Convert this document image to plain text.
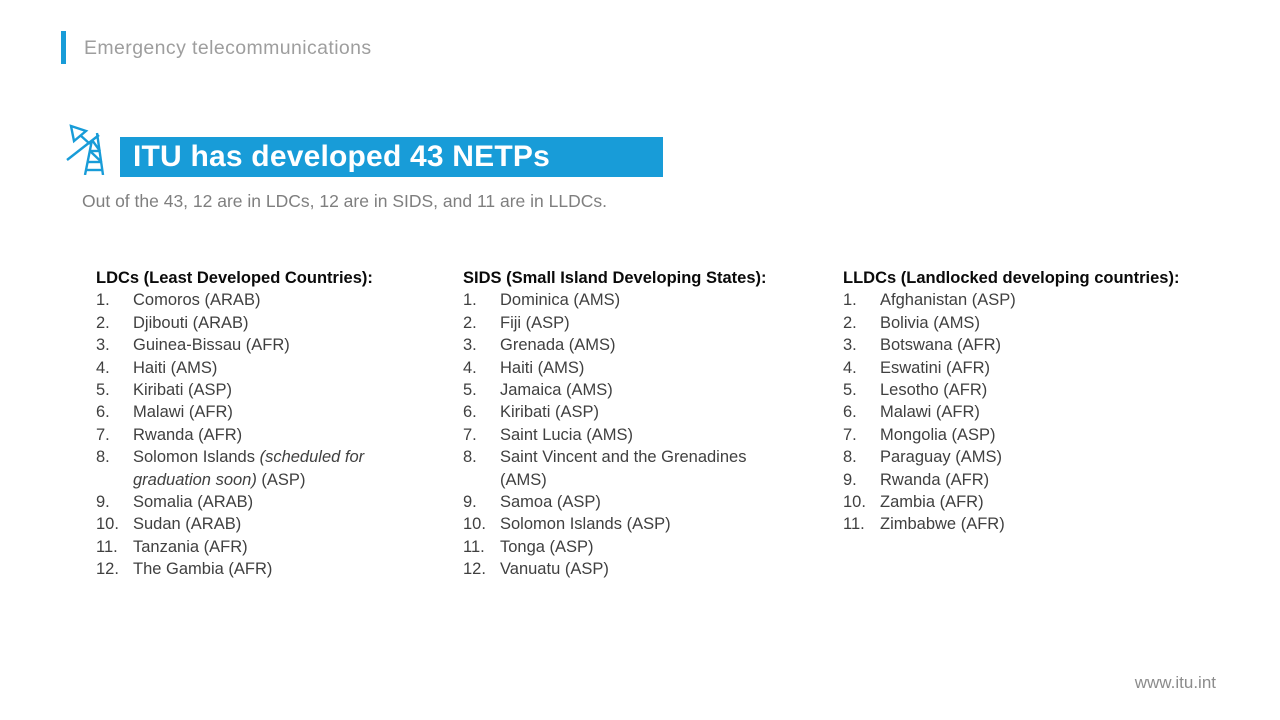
Emergency telecommunications
ITU has developed 43 NETPs
Out of the 43, 12 are in LDCs, 12 are in SIDS, and 11 are in LLDCs.
LDCs (Least Developed Countries):
1.	Comoros (ARAB)
2.	Djibouti (ARAB)
3.	Guinea-Bissau (AFR)
4.	Haiti (AMS)
5.	Kiribati (ASP)
6.	Malawi (AFR)
7.	Rwanda (AFR)
8.	Solomon Islands (scheduled for graduation soon) (ASP)
9.	Somalia (ARAB)
10. Sudan (ARAB)
11. Tanzania (AFR)
12. The Gambia (AFR)
SIDS (Small Island Developing States):
1.	Dominica (AMS)
2.	Fiji (ASP)
3.	Grenada (AMS)
4.	Haiti (AMS)
5.	Jamaica (AMS)
6.	Kiribati (ASP)
7.	Saint Lucia (AMS)
8.	Saint Vincent and the Grenadines (AMS)
9.	Samoa (ASP)
10. Solomon Islands (ASP)
11. Tonga (ASP)
12. Vanuatu (ASP)
LLDCs (Landlocked developing countries):
1.	Afghanistan (ASP)
2.	Bolivia (AMS)
3.	Botswana (AFR)
4.	Eswatini (AFR)
5.	Lesotho (AFR)
6.	Malawi (AFR)
7.	Mongolia (ASP)
8.	Paraguay (AMS)
9.	Rwanda (AFR)
10. Zambia (AFR)
11. Zimbabwe (AFR)
www.itu.int
